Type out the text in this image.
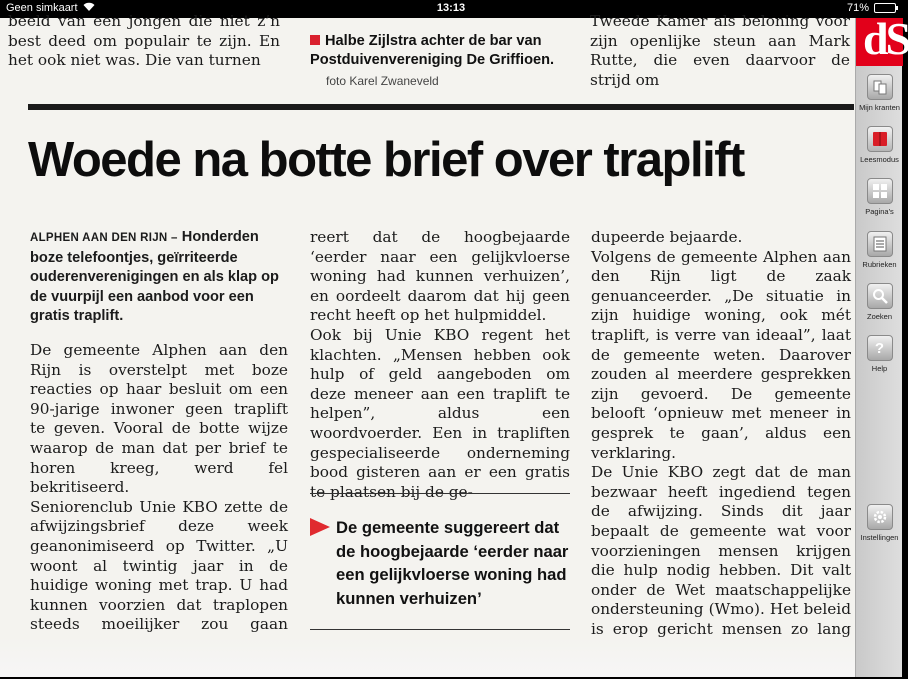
Geen simkaart	13:13	71%

beeld van een jongen die niet z’n best deed om populair te zijn. En het ook niet was. Die van turnen

Halbe Zijlstra achter de bar van Postduivenvereniging De Griffioen.
foto Karel Zwaneveld

Tweede Kamer als beloning voor zijn openlijke steun aan Mark Rutte, die even daarvoor de strijd om

Woede na botte brief over traplift

ALPHEN AAN DEN RIJN – Honderden boze telefoontjes, geïrriteerde ouderenverenigingen en als klap op de vuurpijl een aanbod voor een gratis traplift.

De gemeente Alphen aan den Rijn is overstelpt met boze reacties op haar besluit om een 90-jarige inwoner geen traplift te geven. Vooral de botte wijze waarop de man dat per brief te horen kreeg, werd fel bekritiseerd.

Seniorenclub Unie KBO zette de afwijzingsbrief deze week geanonimiseerd op Twitter. „U woont al twintig jaar in de huidige woning met trap. U had kunnen voorzien dat traplopen steeds moeilijker zou gaan

reert dat de hoogbejaarde ‘eerder naar een gelijkvloerse woning had kunnen verhuizen’, en oordeelt daarom dat hij geen recht heeft op het hulpmiddel.

Ook bij Unie KBO regent het klachten. „Mensen hebben ook hulp of geld aangeboden om deze meneer aan een traplift te helpen”, aldus een woordvoerder. Een in trapliften gespecialiseerde onderneming bood gisteren aan er een gratis te plaatsen bij de ge-

De gemeente suggereert dat de hoogbejaarde ‘eerder naar een gelijkvloerse woning had kunnen verhuizen’

dupeerde bejaarde.

Volgens de gemeente Alphen aan den Rijn ligt de zaak genuanceerder. „De situatie in zijn huidige woning, ook mét traplift, is verre van ideaal”, laat de gemeente weten. Daarover zouden al meerdere gesprekken zijn gevoerd. De gemeente belooft ‘opnieuw met meneer in gesprek te gaan’, aldus een verklaring.

De Unie KBO zegt dat de man bezwaar heeft ingediend tegen de afwijzing. Sinds dit jaar bepaalt de gemeente wat voor voorzieningen mensen krijgen die hulp nodig hebben. Dit valt onder de Wet maatschappelijke ondersteuning (Wmo). Het beleid is erop gericht mensen zo lang

dS
Mijn kranten
Leesmodus
Pagina's
Rubrieken
Zoeken
?
Help
Instellingen
